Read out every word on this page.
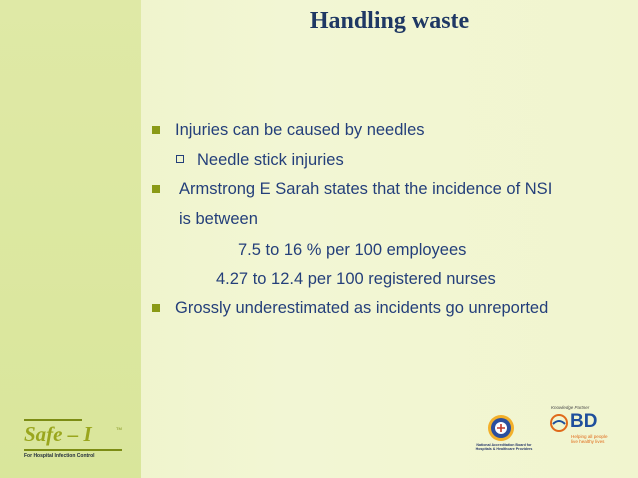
Handling waste
Injuries can be caused by needles
Needle stick injuries
Armstrong E Sarah states that the incidence of NSI
is between
7.5 to 16 % per 100 employees
4.27 to 12.4 per 100 registered nurses
Grossly underestimated as incidents go unreported
Safe – I	TM
For Hospital Infection Control
Knowledge Partner
National Accreditation Board for Hospitals & Healthcare Providers
BD
Helping all people
live healthy lives
